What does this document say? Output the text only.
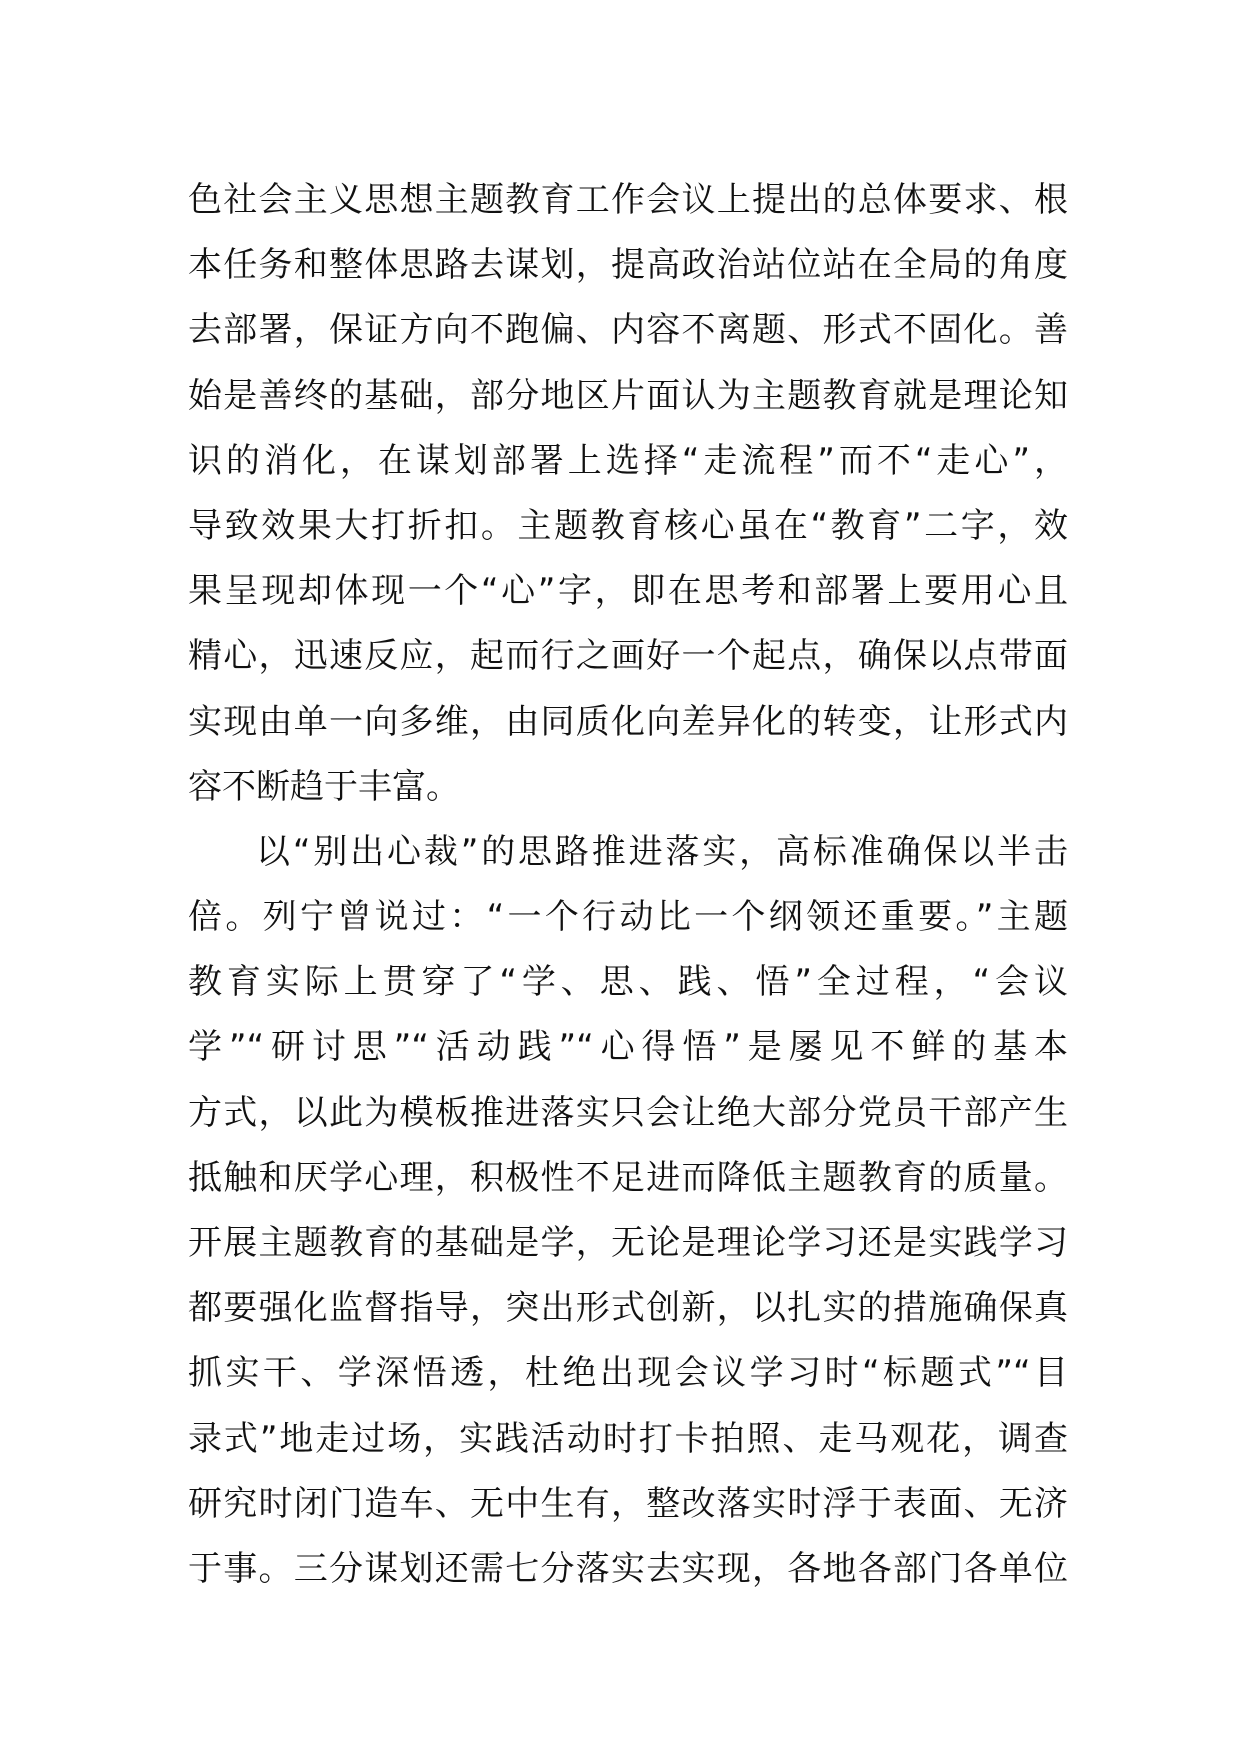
色社会主义思想主题教育工作会议上提出的总体要求、根
本任务和整体思路去谋划，提高政治站位站在全局的角度
去部署，保证方向不跑偏、内容不离题、形式不固化。善
始是善终的基础，部分地区片面认为主题教育就是理论知
识的消化，在谋划部署上选择“走流程”而不“走心”，
导致效果大打折扣。主题教育核心虽在“教育”二字，效
果呈现却体现一个“心”字，即在思考和部署上要用心且
精心，迅速反应，起而行之画好一个起点，确保以点带面
实现由单一向多维，由同质化向差异化的转变，让形式内
容不断趋于丰富。
以“别出心裁”的思路推进落实，高标准确保以半击
倍。列宁曾说过：“一个行动比一个纲领还重要。”主题
教育实际上贯穿了“学、思、践、悟”全过程，“会议
学”“研讨思”“活动践”“心得悟”是屡见不鲜的基本
方式，以此为模板推进落实只会让绝大部分党员干部产生
抵触和厌学心理，积极性不足进而降低主题教育的质量。
开展主题教育的基础是学，无论是理论学习还是实践学习
都要强化监督指导，突出形式创新，以扎实的措施确保真
抓实干、学深悟透，杜绝出现会议学习时“标题式”“目
录式”地走过场，实践活动时打卡拍照、走马观花，调查
研究时闭门造车、无中生有，整改落实时浮于表面、无济
于事。三分谋划还需七分落实去实现，各地各部门各单位
